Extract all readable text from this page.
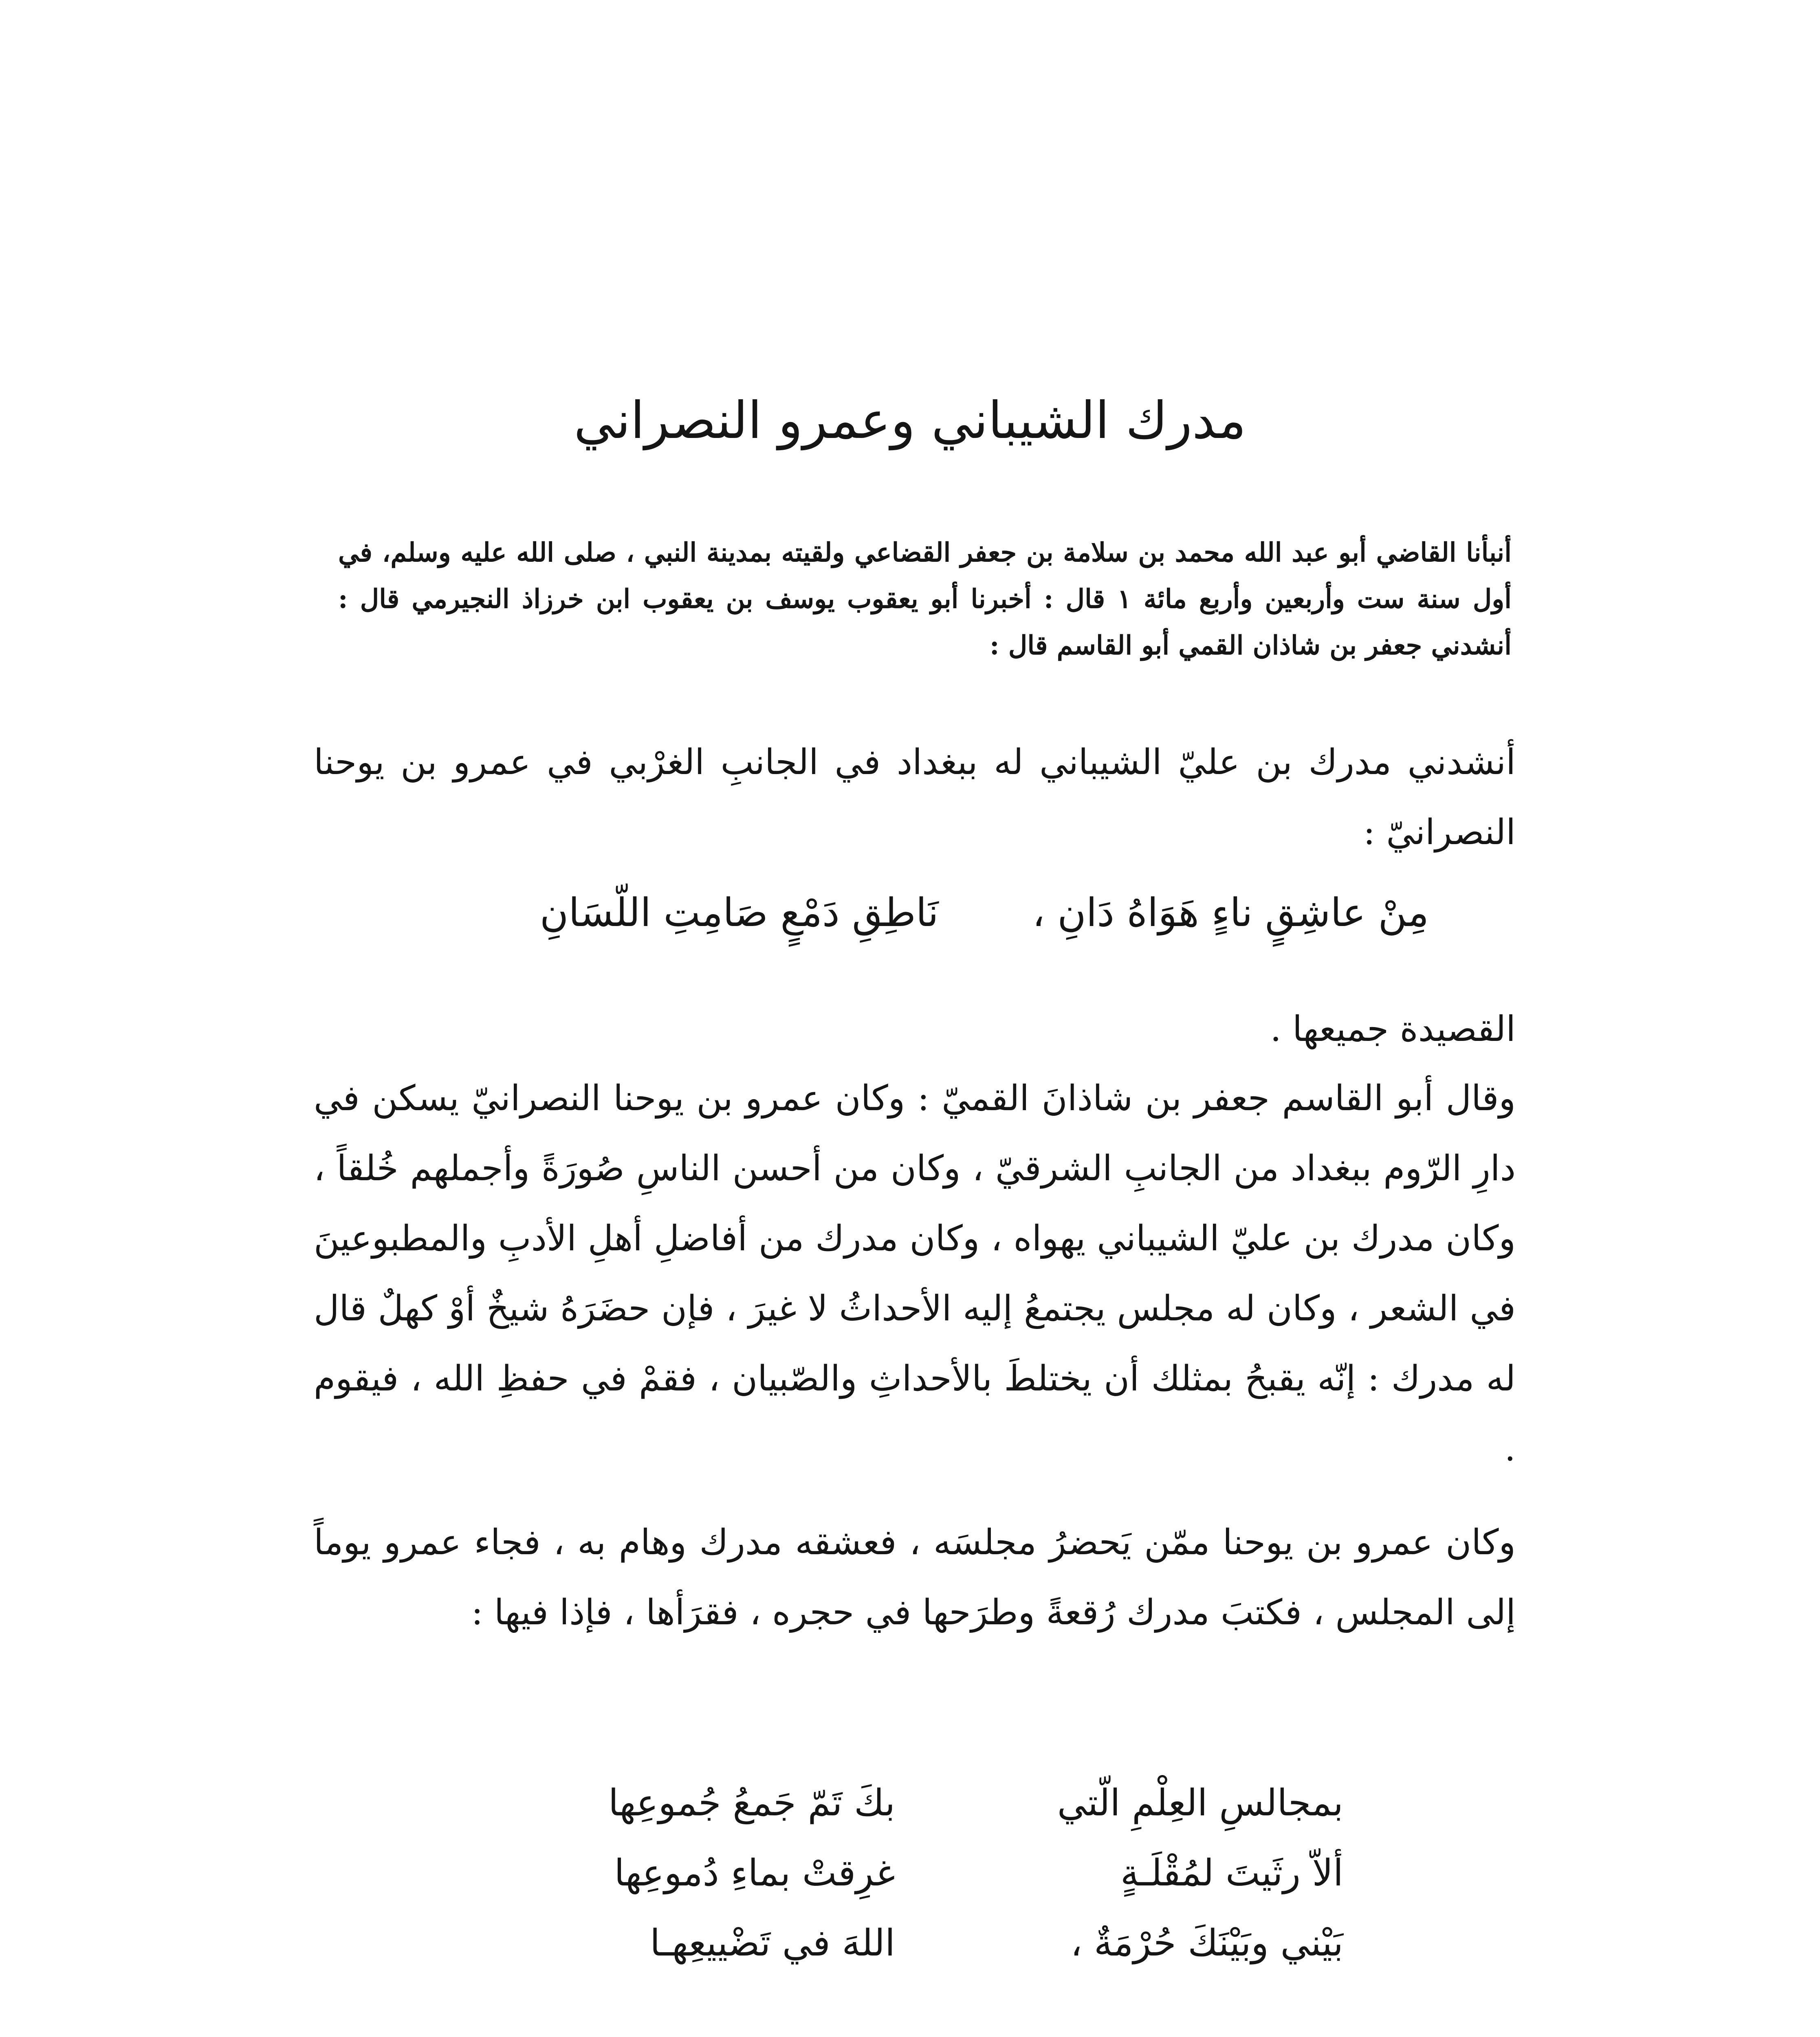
مدرك الشيباني وعمرو النصراني

أنبأنا القاضي أبو عبد الله محمد بن سلامة بن جعفر القضاعي ولقيته بمدينة النبي ، صلى الله عليه وسلم، في أول سنة ست وأربعين وأربع مائة ١ قال : أخبرنا أبو يعقوب يوسف بن يعقوب ابن خرزاذ النجيرمي قال : أنشدني جعفر بن شاذان القمي أبو القاسم قال :

أنشدني مدرك بن عليّ الشيباني له ببغداد في الجانبِ الغرْبي في عمرو بن يوحنا النصرانيّ :

مِنْ عاشِقٍ ناءٍ هَوَاهُ دَانِ ،
نَاطِقِ دَمْعٍ صَامِتِ اللّسَانِ

القصيدة جميعها .

وقال أبو القاسم جعفر بن شاذانَ القميّ : وكان عمرو بن يوحنا النصرانيّ يسكن في دارِ الرّوم ببغداد من الجانبِ الشرقيّ ، وكان من أحسن الناسِ صُورَةً وأجملهم خُلقاً ، وكان مدرك بن عليّ الشيباني يهواه ، وكان مدرك من أفاضلِ أهلِ الأدبِ والمطبوعينَ في الشعر ، وكان له مجلس يجتمعُ إليه الأحداثُ لا غيرَ ، فإن حضَرَهُ شيخٌ أوْ كهلٌ قال له مدرك : إنّه يقبحُ بمثلك أن يختلطَ بالأحداثِ والصّبيان ، فقمْ في حفظِ الله ، فيقوم .

وكان عمرو بن يوحنا ممّن يَحضرُ مجلسَه ، فعشقه مدرك وهام به ، فجاء عمرو يوماً إلى المجلس ، فكتبَ مدرك رُقعةً وطرَحها في حجره ، فقرَأها ، فإذا فيها :

بمجالسِ العِلْمِ الّتي
بكَ تَمّ جَمعُ جُموعِها
ألاّ رثَيتَ لمُقْلَـةٍ
غرِقتْ بماءِ دُموعِها
بَيْني وبَيْنَكَ حُرْمَةٌ ،
اللهَ في تَضْييعِهـا
